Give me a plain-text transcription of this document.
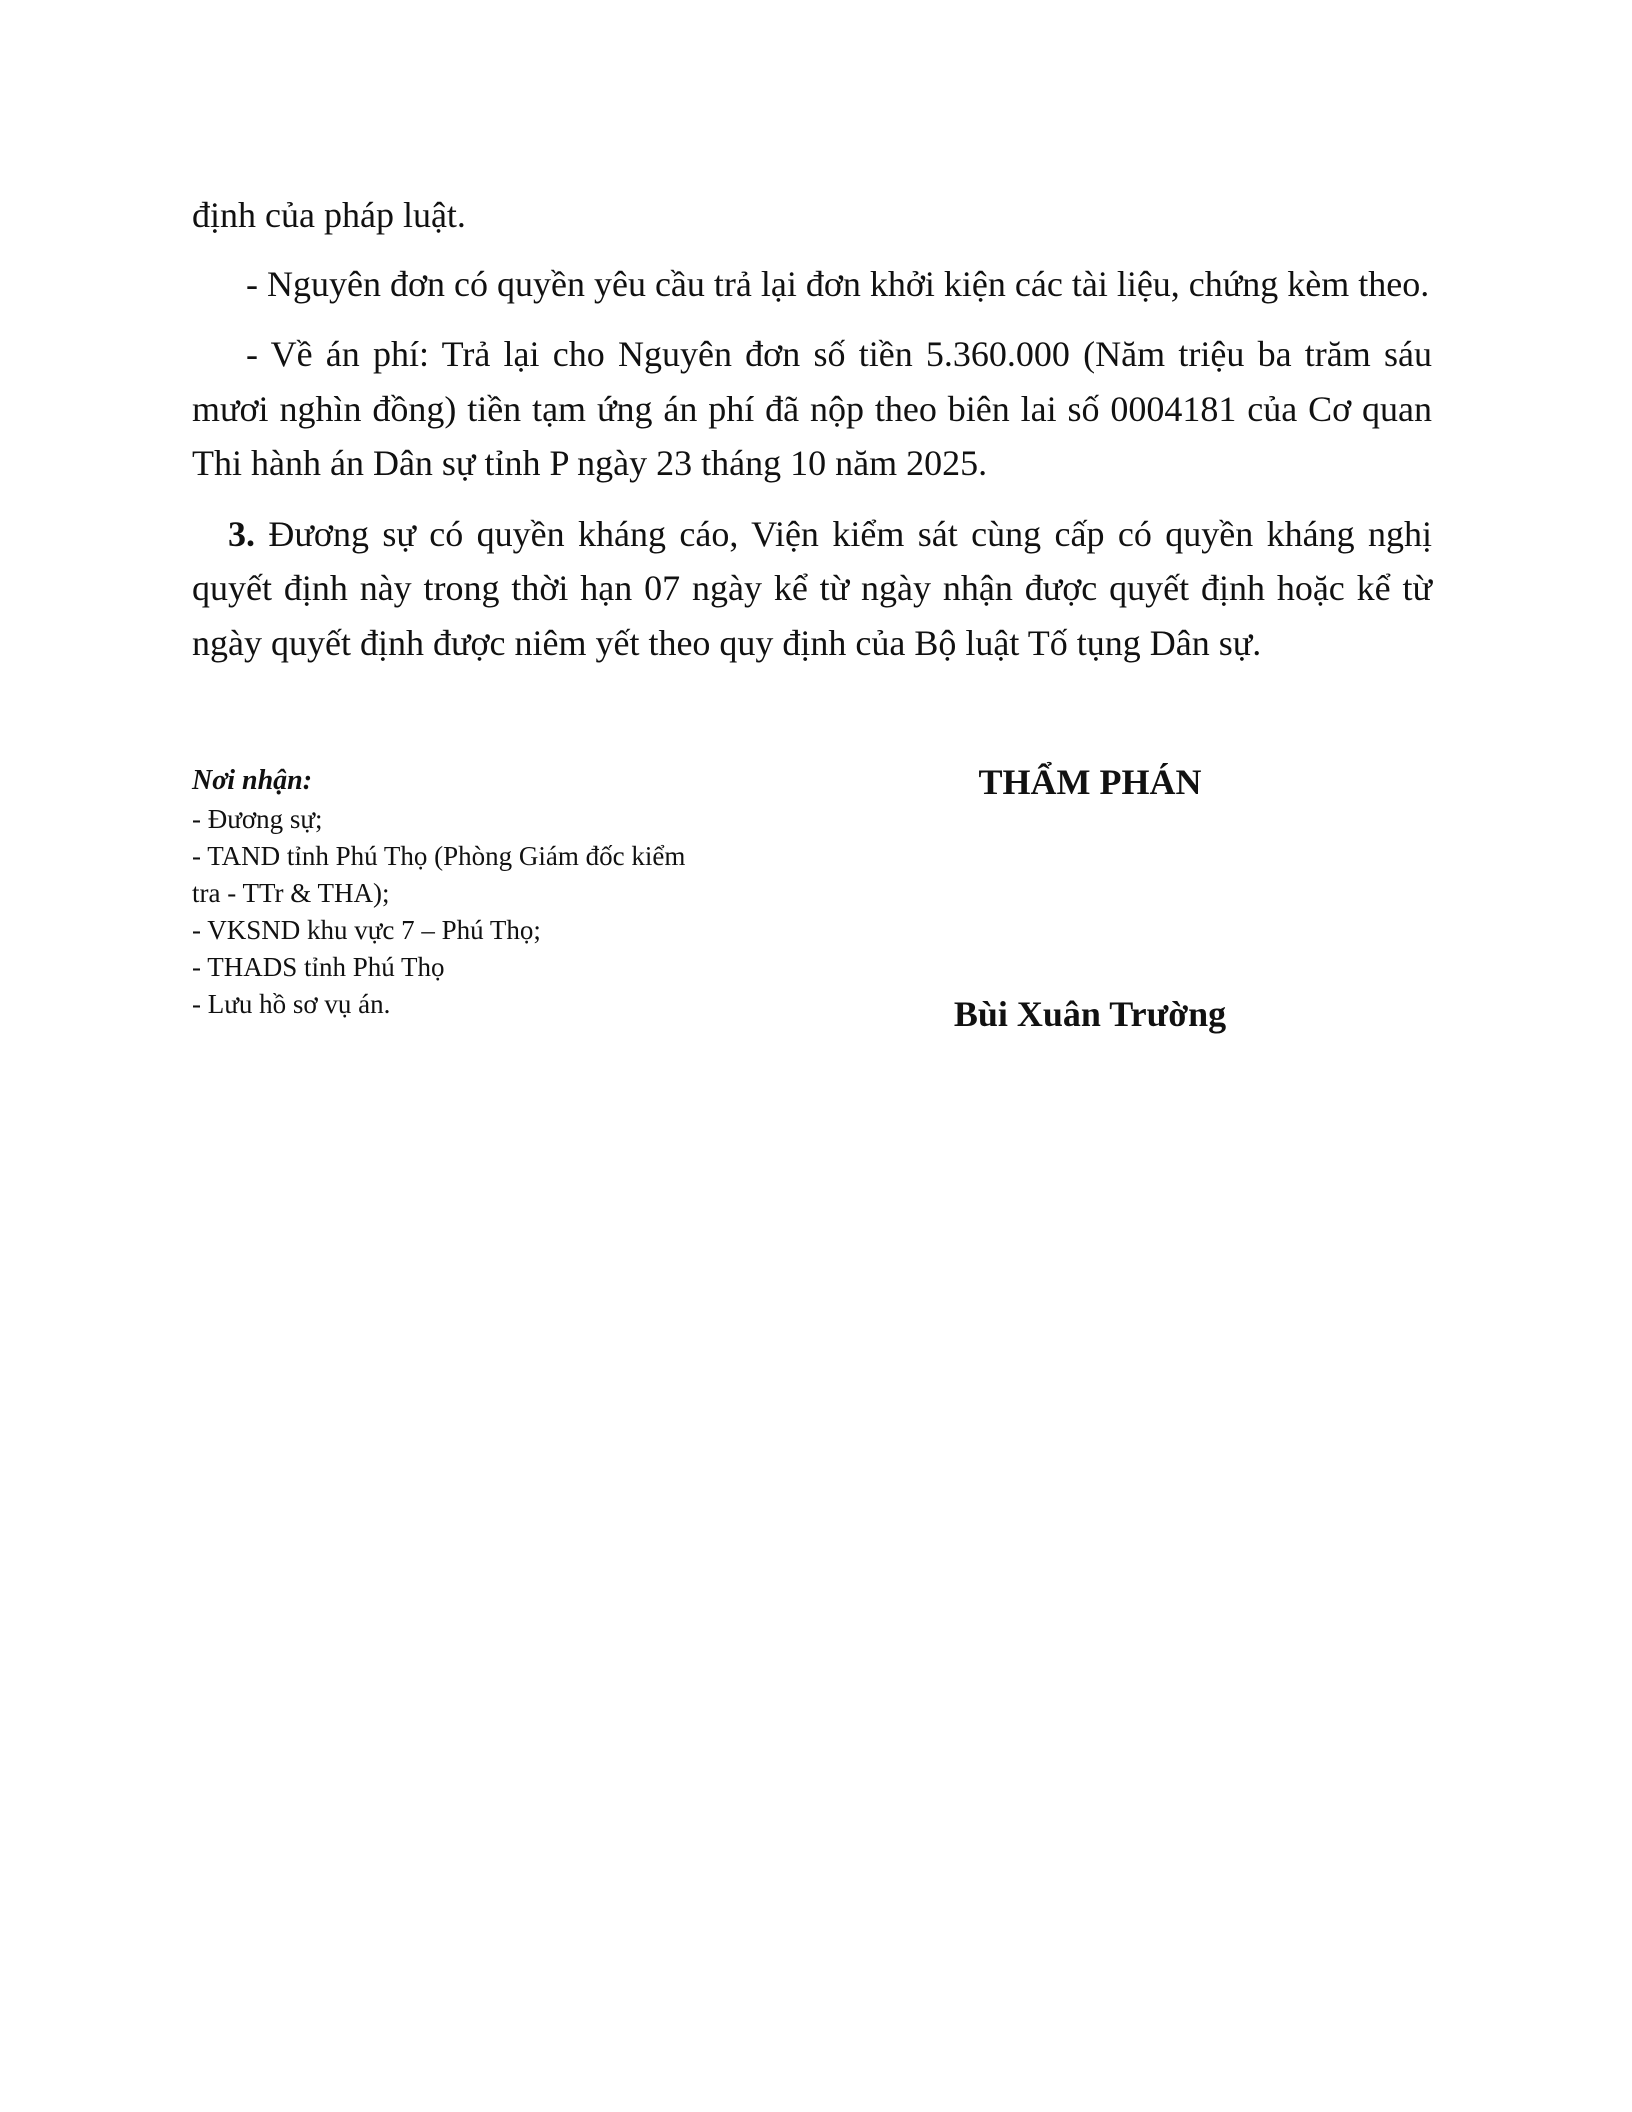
định của pháp luật.

- Nguyên đơn có quyền yêu cầu trả lại đơn khởi kiện các tài liệu, chứng kèm theo.

- Về án phí: Trả lại cho Nguyên đơn số tiền 5.360.000 (Năm triệu ba trăm sáu mươi nghìn đồng) tiền tạm ứng án phí đã nộp theo biên lai số 0004181 của Cơ quan Thi hành án Dân sự tỉnh P ngày 23 tháng 10 năm 2025.

3. Đương sự có quyền kháng cáo, Viện kiểm sát cùng cấp có quyền kháng nghị quyết định này trong thời hạn 07 ngày kể từ ngày nhận được quyết định hoặc kể từ ngày quyết định được niêm yết theo quy định của Bộ luật Tố tụng Dân sự.

Nơi nhận:
- Đương sự;
- TAND tỉnh Phú Thọ (Phòng Giám đốc kiểm tra - TTr & THA);
- VKSND khu vực 7 – Phú Thọ;
- THADS tỉnh Phú Thọ
- Lưu hồ sơ vụ án.
THẨM PHÁN
Bùi Xuân Trường
